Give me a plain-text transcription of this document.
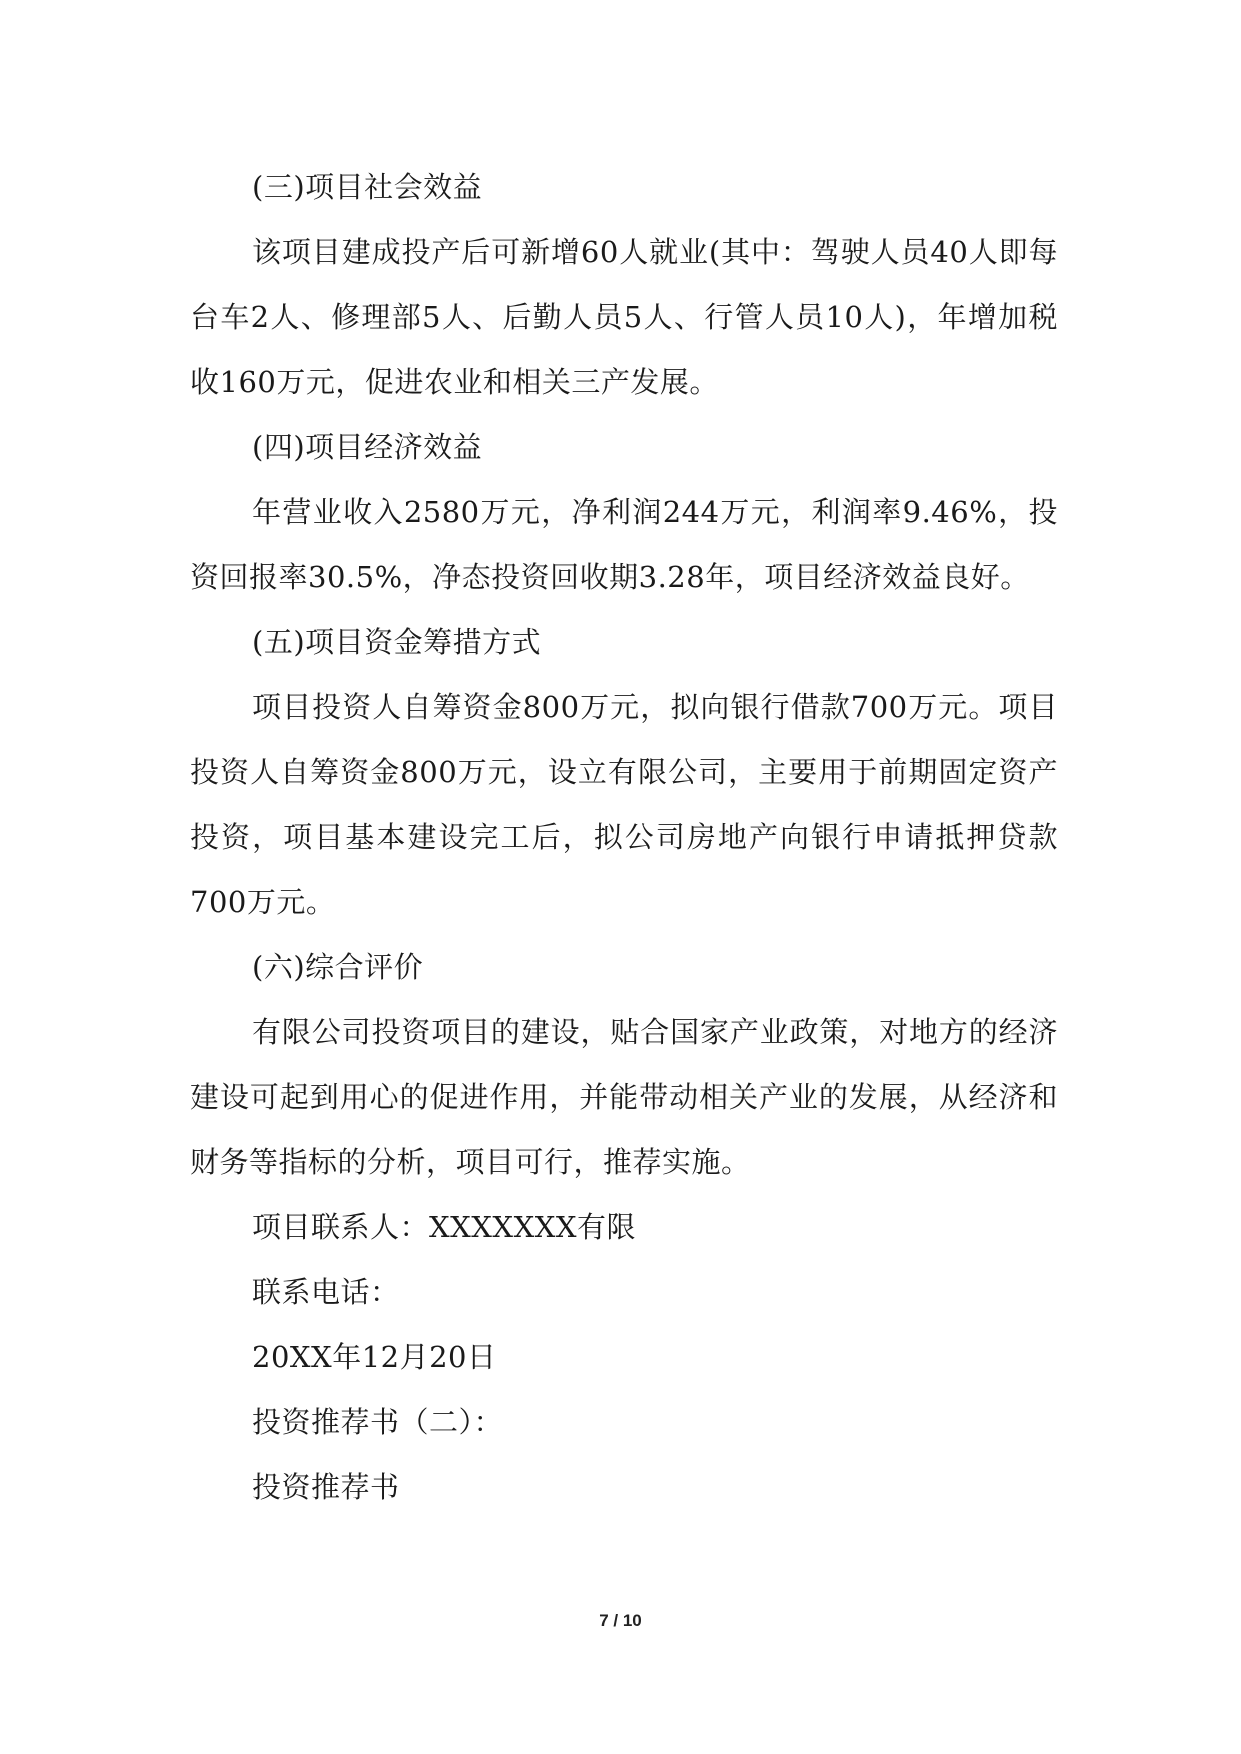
(三)项目社会效益

该项目建成投产后可新增60人就业(其中：驾驶人员40人即每台车2人、修理部5人、后勤人员5人、行管人员10人)，年增加税收160万元，促进农业和相关三产发展。

(四)项目经济效益

年营业收入2580万元，净利润244万元，利润率9.46%，投资回报率30.5%，净态投资回收期3.28年，项目经济效益良好。

(五)项目资金筹措方式

项目投资人自筹资金800万元，拟向银行借款700万元。项目投资人自筹资金800万元，设立有限公司，主要用于前期固定资产投资，项目基本建设完工后，拟公司房地产向银行申请抵押贷款700万元。

(六)综合评价

有限公司投资项目的建设，贴合国家产业政策，对地方的经济建设可起到用心的促进作用，并能带动相关产业的发展，从经济和财务等指标的分析，项目可行，推荐实施。

项目联系人：XXXXXXX有限
联系电话：
20XX年12月20日
投资推荐书（二）：
投资推荐书
7 / 10
